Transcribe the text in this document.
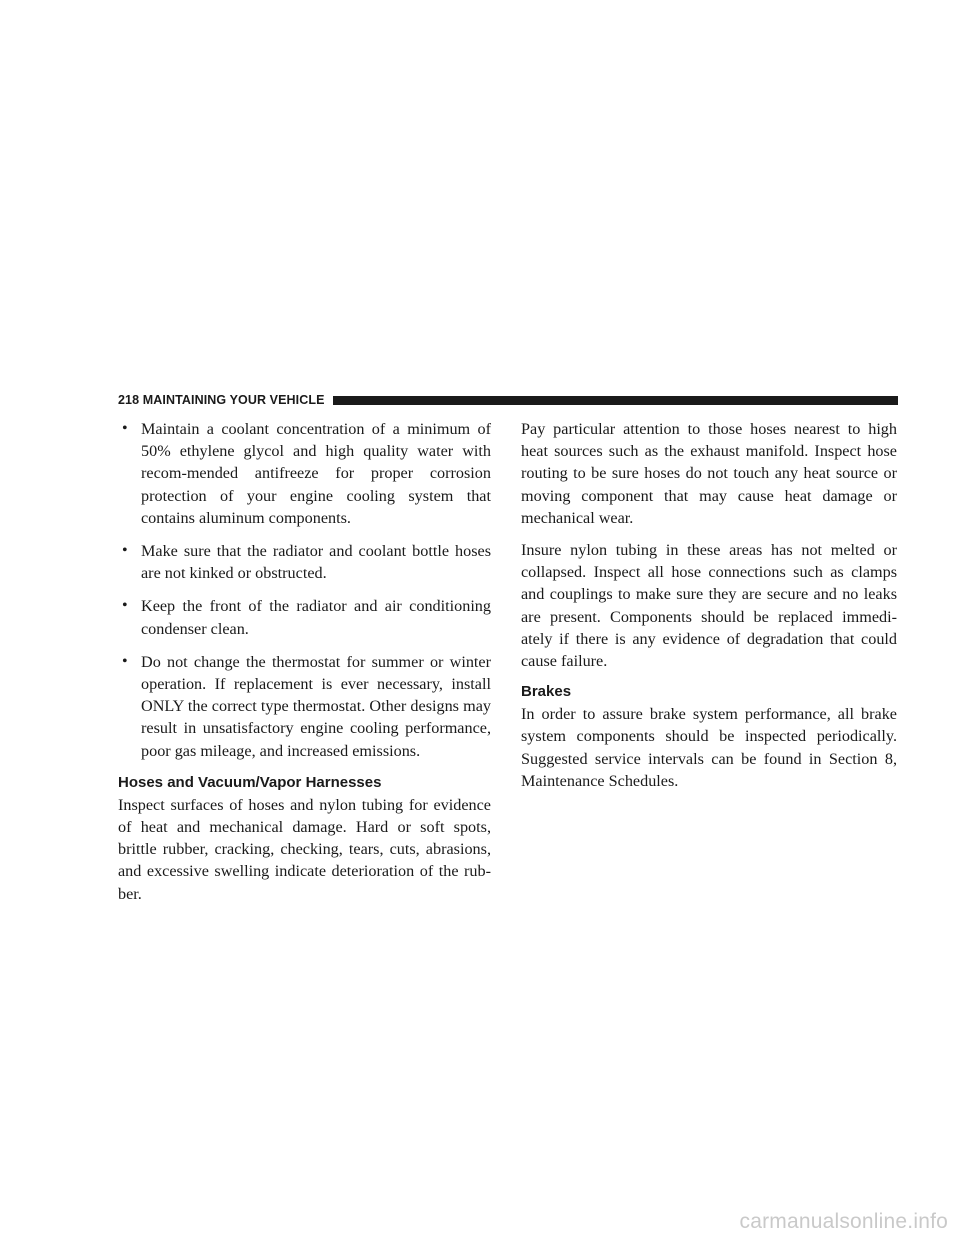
218 MAINTAINING YOUR VEHICLE
• Maintain a coolant concentration of a minimum of 50% ethylene glycol and high quality water with recom-mended antifreeze for proper corrosion protection of your engine cooling system that contains aluminum components.

• Make sure that the radiator and coolant bottle hoses are not kinked or obstructed.

• Keep the front of the radiator and air conditioning condenser clean.

• Do not change the thermostat for summer or winter operation. If replacement is ever necessary, install ONLY the correct type thermostat. Other designs may result in unsatisfactory engine cooling performance, poor gas mileage, and increased emissions.

Hoses and Vacuum/Vapor Harnesses

Inspect surfaces of hoses and nylon tubing for evidence of heat and mechanical damage. Hard or soft spots, brittle rubber, cracking, checking, tears, cuts, abrasions, and excessive swelling indicate deterioration of the rub-ber.

Pay particular attention to those hoses nearest to high heat sources such as the exhaust manifold. Inspect hose routing to be sure hoses do not touch any heat source or moving component that may cause heat damage or mechanical wear.

Insure nylon tubing in these areas has not melted or collapsed. Inspect all hose connections such as clamps and couplings to make sure they are secure and no leaks are present. Components should be replaced immedi-ately if there is any evidence of degradation that could cause failure.

Brakes

In order to assure brake system performance, all brake system components should be inspected periodically. Suggested service intervals can be found in Section 8, Maintenance Schedules.

carmanualsonline.info
